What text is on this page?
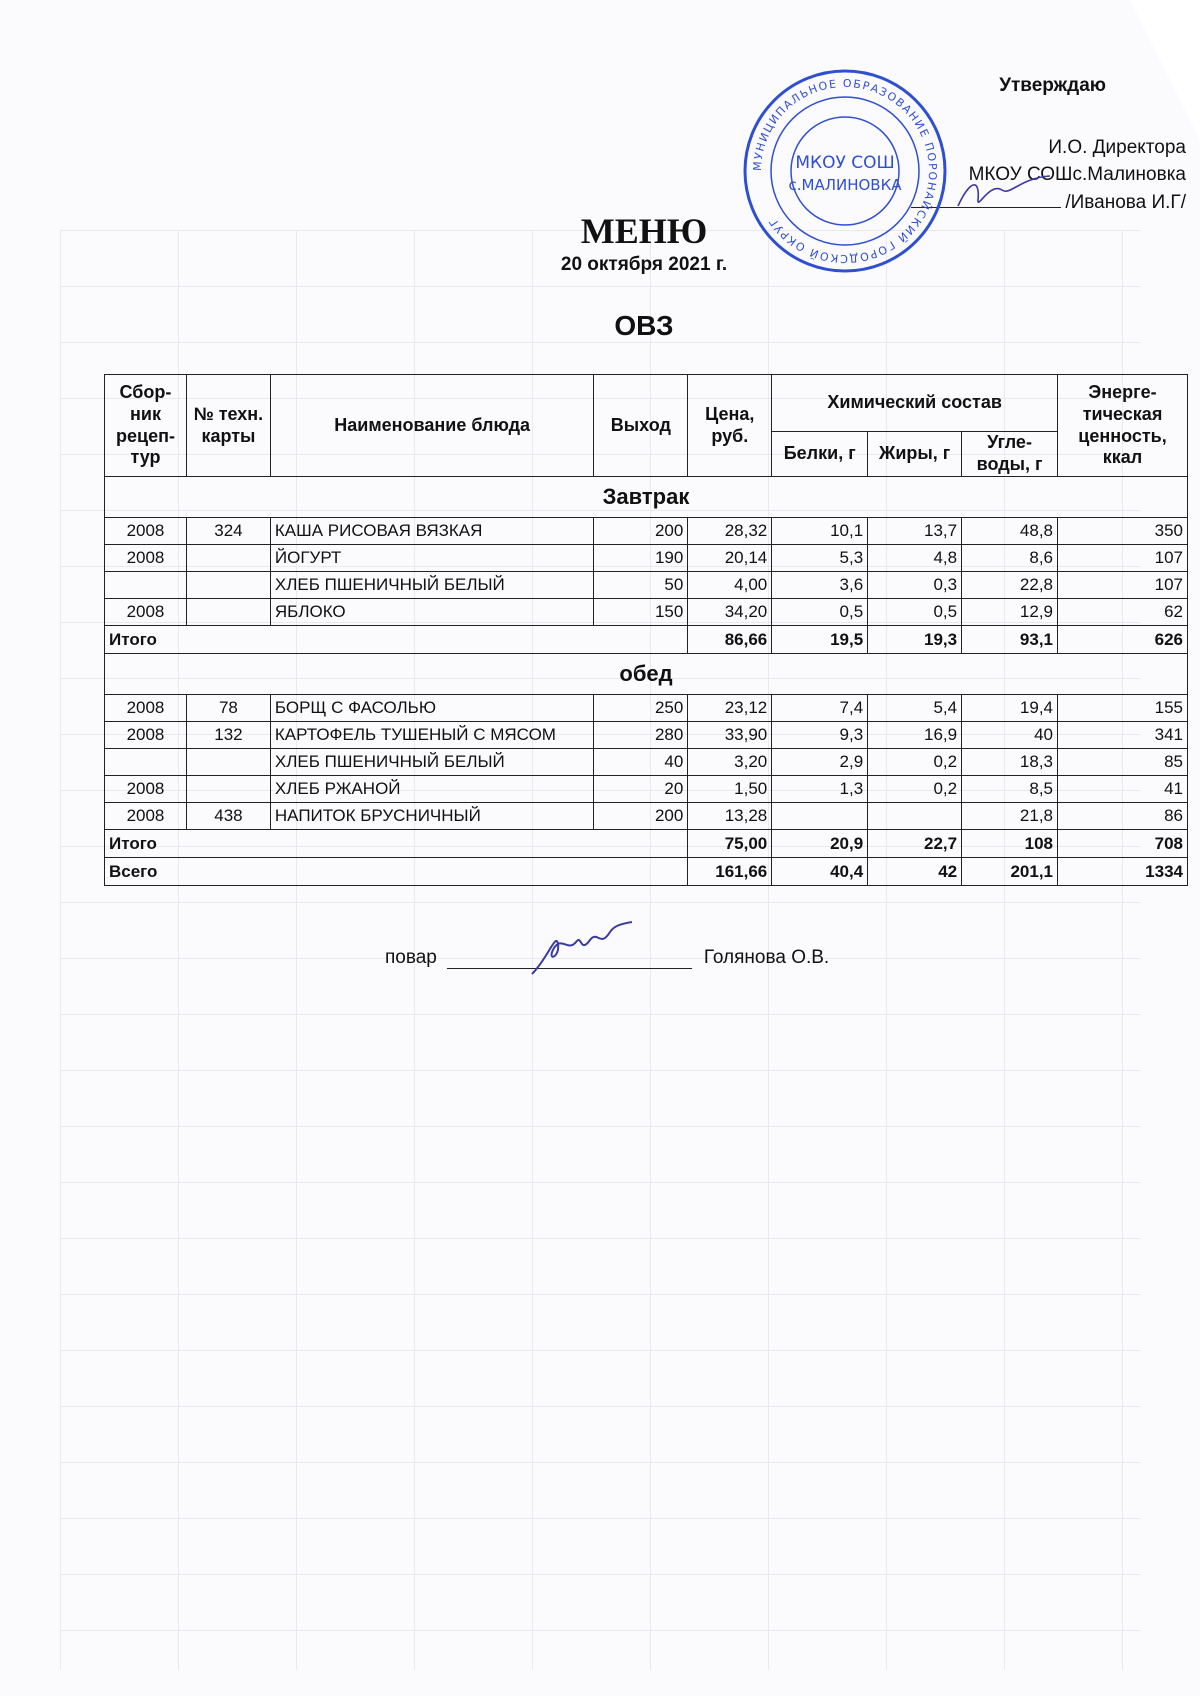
Утверждаю
И.О. Директора
МКОУ СОШс.Малиновка
/Иванова И.Г/
МУНИЦИПАЛЬНОЕ ОБРАЗОВАНИЕ ПОРОНАЙСКИЙ ГОРОДСКОЙ ОКРУГ
МКОУ СОШ
с.МАЛИНОВКА
МЕНЮ
20 октября 2021 г.
ОВЗ
Сбор-ник рецеп-тур	№ техн. карты	Наименование блюда	Выход	Цена, руб.	Химический состав			Энерге-тическая ценность, ккал
					Белки, г	Жиры, г	Угле-воды, г	
Завтрак								
2008	324	КАША РИСОВАЯ ВЯЗКАЯ	200	28,32	10,1	13,7	48,8	350
2008		ЙОГУРТ	190	20,14	5,3	4,8	8,6	107
		ХЛЕБ ПШЕНИЧНЫЙ БЕЛЫЙ	50	4,00	3,6	0,3	22,8	107
2008		ЯБЛОКО	150	34,20	0,5	0,5	12,9	62
Итого				86,66	19,5	19,3	93,1	626
обед								
2008	78	БОРЩ С ФАСОЛЬЮ	250	23,12	7,4	5,4	19,4	155
2008	132	КАРТОФЕЛЬ ТУШЕНЫЙ С МЯСОМ	280	33,90	9,3	16,9	40	341
		ХЛЕБ ПШЕНИЧНЫЙ БЕЛЫЙ	40	3,20	2,9	0,2	18,3	85
2008		ХЛЕБ РЖАНОЙ	20	1,50	1,3	0,2	8,5	41
2008	438	НАПИТОК БРУСНИЧНЫЙ	200	13,28			21,8	86
Итого				75,00	20,9	22,7	108	708
Всего				161,66	40,4	42	201,1	1334
повар	Голянова О.В.
